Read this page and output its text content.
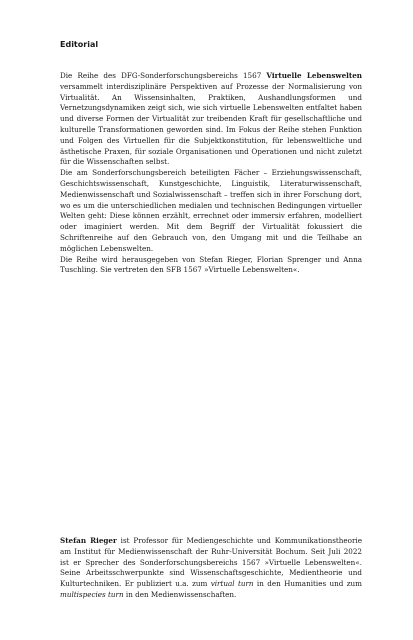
Editorial

Die Reihe des DFG-Sonderforschungsbereichs 1567 Virtuelle Lebenswelten versammelt interdisziplinäre Perspektiven auf Prozesse der Normalisierung von Virtualität. An Wissensinhalten, Praktiken, Aushandlungsformen und Vernetzungsdynamiken zeigt sich, wie sich virtuelle Lebenswelten entfaltet haben und diverse Formen der Virtualität zur treibenden Kraft für gesellschaftliche und kulturelle Transformationen geworden sind. Im Fokus der Reihe stehen Funktion und Folgen des Virtuellen für die Subjektkonstitution, für lebensweltliche und ästhetische Praxen, für soziale Organisationen und Operationen und nicht zuletzt für die Wissenschaften selbst.

Die am Sonderforschungsbereich beteiligten Fächer – Erziehungswissenschaft, Geschichtswissenschaft, Kunstgeschichte, Linguistik, Literaturwissenschaft, Medienwissenschaft und Sozialwissenschaft – treffen sich in ihrer Forschung dort, wo es um die unterschiedlichen medialen und technischen Bedingungen virtueller Welten geht: Diese können erzählt, errechnet oder immersiv erfahren, modelliert oder imaginiert werden. Mit dem Begriff der Virtualität fokussiert die Schriftenreihe auf den Gebrauch von, den Umgang mit und die Teilhabe an möglichen Lebenswelten.

Die Reihe wird herausgegeben von Stefan Rieger, Florian Sprenger und Anna Tuschling. Sie vertreten den SFB 1567 »Virtuelle Lebenswelten«.

Stefan Rieger ist Professor für Mediengeschichte und Kommunikationstheorie am Institut für Medienwissenschaft der Ruhr-Universität Bochum. Seit Juli 2022 ist er Sprecher des Sonderforschungsbereichs 1567 »Virtuelle Lebenswelten«. Seine Arbeitsschwerpunkte sind Wissenschaftsgeschichte, Medientheorie und Kulturtechniken. Er publiziert u.a. zum virtual turn in den Humanities und zum multispecies turn in den Medienwissenschaften.
